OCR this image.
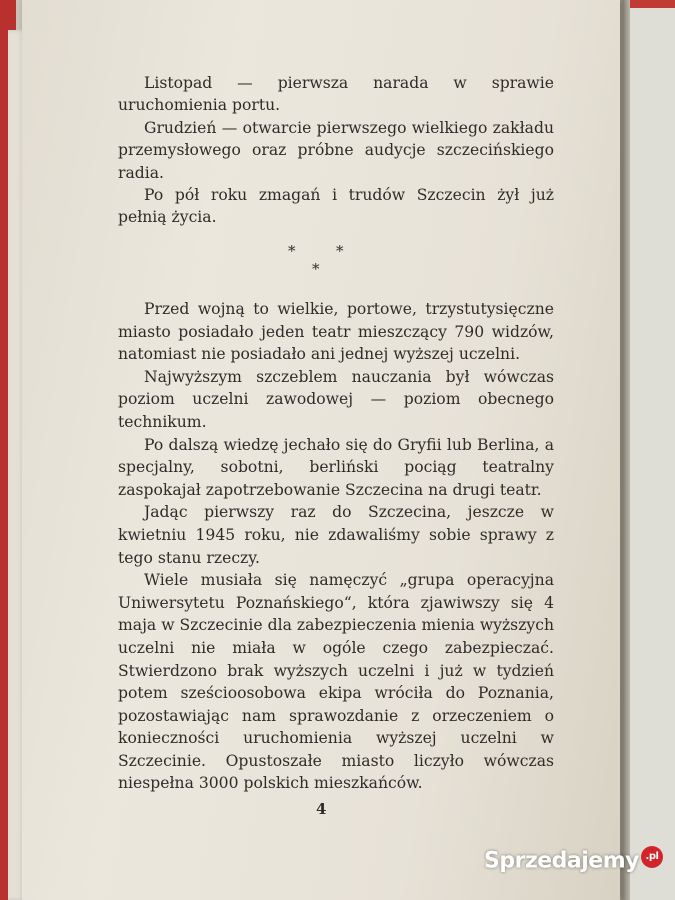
Listopad — pierwsza narada w sprawie uruchomienia portu.

Grudzień — otwarcie pierwszego wielkiego zakładu przemysłowego oraz próbne audycje szczecińskiego radia.

Po pół roku zmagań i trudów Szczecin żył już pełnią życia.

*	*
*

Przed wojną to wielkie, portowe, trzystutysięczne miasto posiadało jeden teatr mieszczący 790 widzów, natomiast nie posiadało ani jednej wyższej uczelni.

Najwyższym szczeblem nauczania był wówczas poziom uczelni zawodowej — poziom obecnego technikum.

Po dalszą wiedzę jechało się do Gryfii lub Berlina, a specjalny, sobotni, berliński pociąg teatralny zaspokajał zapotrzebowanie Szczecina na drugi teatr.

Jadąc pierwszy raz do Szczecina, jeszcze w kwietniu 1945 roku, nie zdawaliśmy sobie sprawy z tego stanu rzeczy.

Wiele musiała się namęczyć „grupa operacyjna Uniwersytetu Poznańskiego“, która zjawiwszy się 4 maja w Szczecinie dla zabezpieczenia mienia wyższych uczelni nie miała w ogóle czego zabezpieczać. Stwierdzono brak wyższych uczelni i już w tydzień potem sześcioosobowa ekipa wróciła do Poznania, pozostawiając nam sprawozdanie z orzeczeniem o konieczności uruchomienia wyższej uczelni w Szczecinie. Opustoszałe miasto liczyło wówczas niespełna 3000 polskich mieszkańców.

4
Sprzedajemy .pl
